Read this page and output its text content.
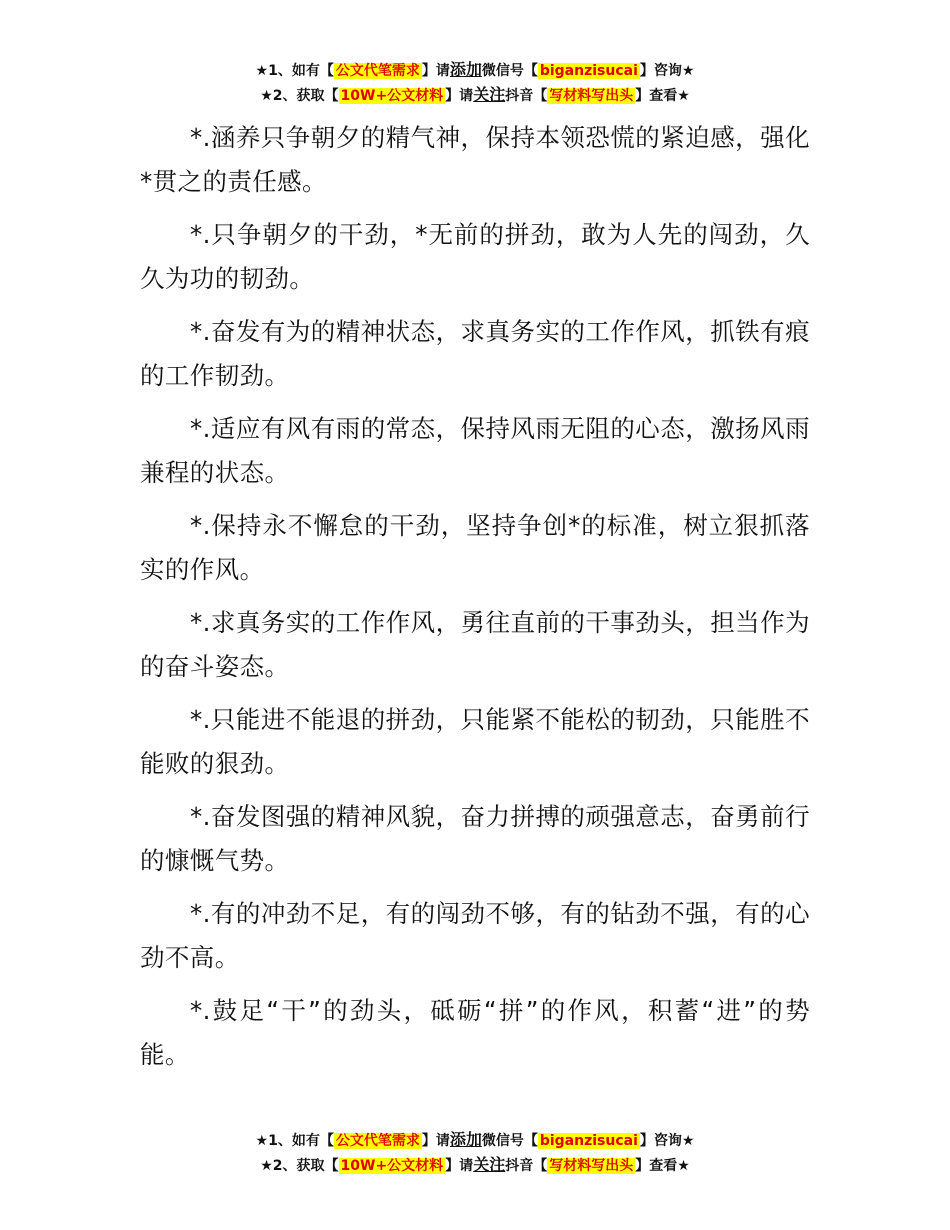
★1、如有【 公文代笔需求 】请添加微信号【 biganzisucai 】咨询★
★2、获取【 10W+公文材料 】请关注抖音【 写材料写出头 】查看★

*.涵养只争朝夕的精气神，保持本领恐慌的紧迫感，强化*贯之的责任感。

*.只争朝夕的干劲，*无前的拼劲，敢为人先的闯劲，久久为功的韧劲。

*.奋发有为的精神状态，求真务实的工作作风，抓铁有痕的工作韧劲。

*.适应有风有雨的常态，保持风雨无阻的心态，激扬风雨兼程的状态。

*.保持永不懈怠的干劲，坚持争创*的标准，树立狠抓落实的作风。

*.求真务实的工作作风，勇往直前的干事劲头，担当作为的奋斗姿态。

*.只能进不能退的拼劲，只能紧不能松的韧劲，只能胜不能败的狠劲。

*.奋发图强的精神风貌，奋力拼搏的顽强意志，奋勇前行的慷慨气势。

*.有的冲劲不足，有的闯劲不够，有的钻劲不强，有的心劲不高。

*.鼓足“干”的劲头，砥砺“拼”的作风，积蓄“进”的势能。

★1、如有【 公文代笔需求 】请添加微信号【 biganzisucai 】咨询★
★2、获取【 10W+公文材料 】请关注抖音【 写材料写出头 】查看★
